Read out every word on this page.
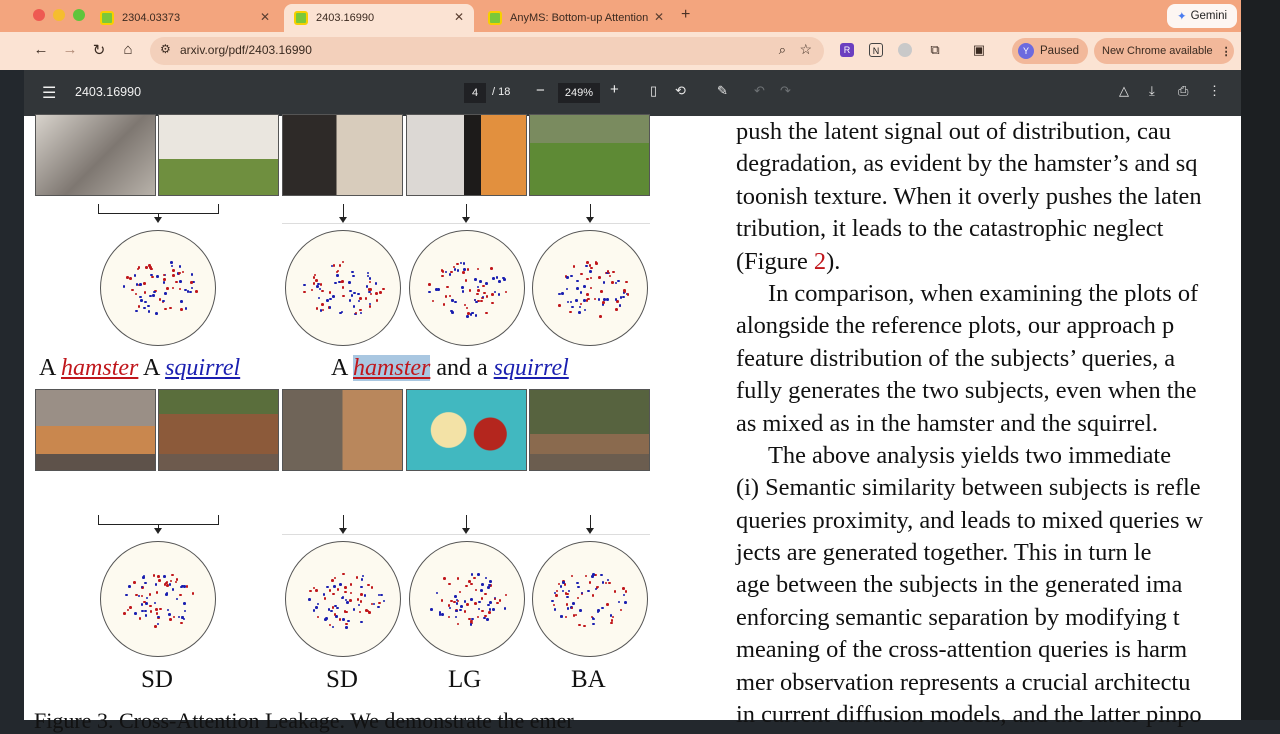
2304.03373	✕	2403.16990	✕	AnyMS: Bottom-up Attention ✕ +	✦ Gemini
← → ↻	⌂	⚙ arxiv.org/pdf/2403.16990	⌕ ☆	R	N	⧉	▣	Y Paused New Chrome available ⋮
☰ 2403.16990	4	/ 18 −	249%	+ ▯ ⟲ ✎ ↶ ↷	△ ⤓ ⎙ ⋮
A hamster A squirrel	A hamster and a squirrel
SD	SD	LG	BA
Figure 3. Cross-Attention Leakage. We demonstrate the emer
push the latent signal out of distribution, cau
degradation, as evident by the hamster’s and sq
toonish texture. When it overly pushes the laten
tribution, it leads to the catastrophic neglect
(Figure 2).
In comparison, when examining the plots of
alongside the reference plots, our approach p
feature distribution of the subjects’ queries, a
fully generates the two subjects, even when the
as mixed as in the hamster and the squirrel.
The above analysis yields two immediate
(i) Semantic similarity between subjects is refle
queries proximity, and leads to mixed queries w
jects are generated together. This in turn le
age between the subjects in the generated ima
enforcing semantic separation by modifying t
meaning of the cross-attention queries is harm
mer observation represents a crucial architectu
in current diffusion models, and the latter pinpo
